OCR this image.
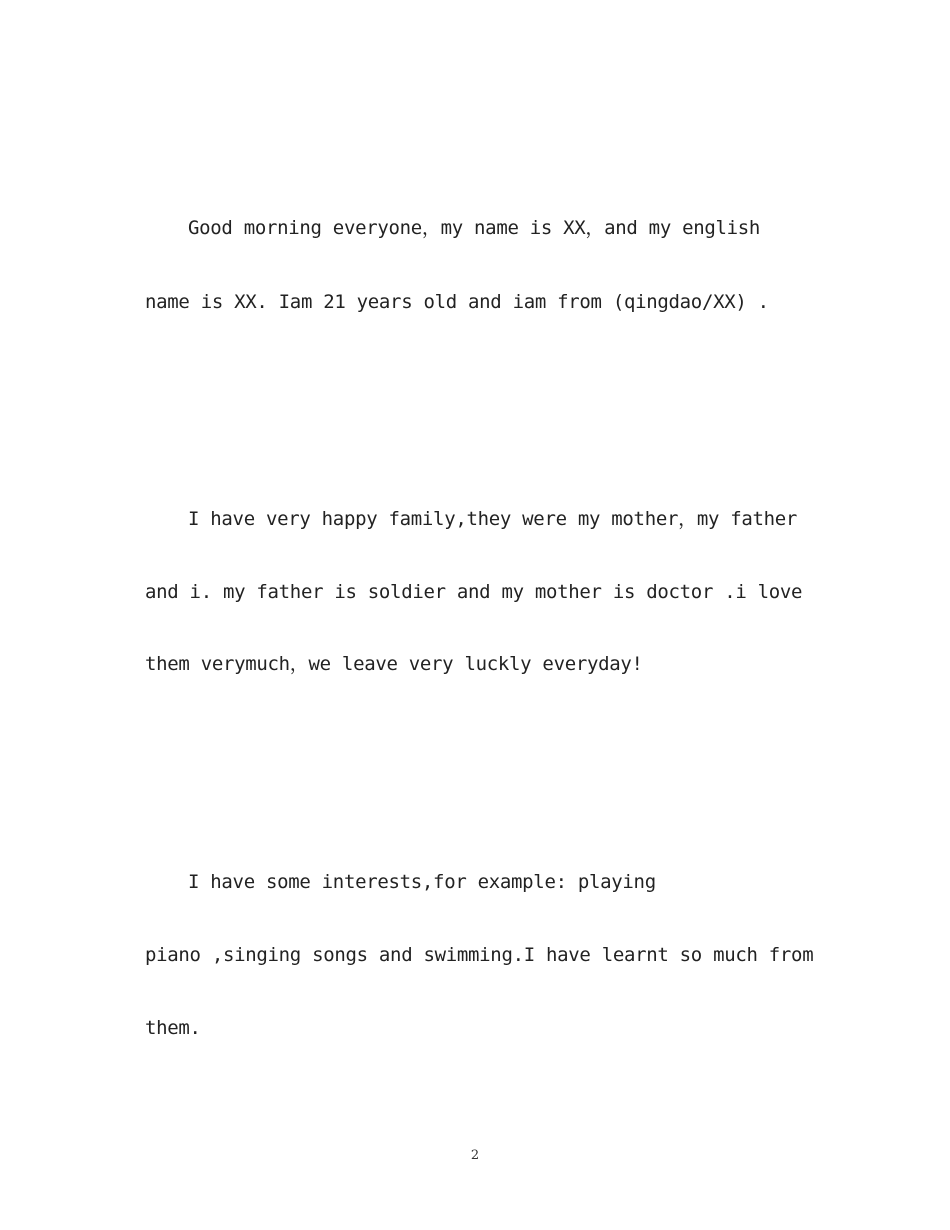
Good morning everyone，my name is XX，and my english
name is XX. Iam 21 years old and iam from (qingdao/XX) .
I have very happy family,they were my mother，my father
and i. my father is soldier and my mother is doctor .i love
them verymuch，we leave very luckly everyday!
I have some interests,for example: playing
piano ,singing songs and swimming.I have learnt so much from
them.
2
